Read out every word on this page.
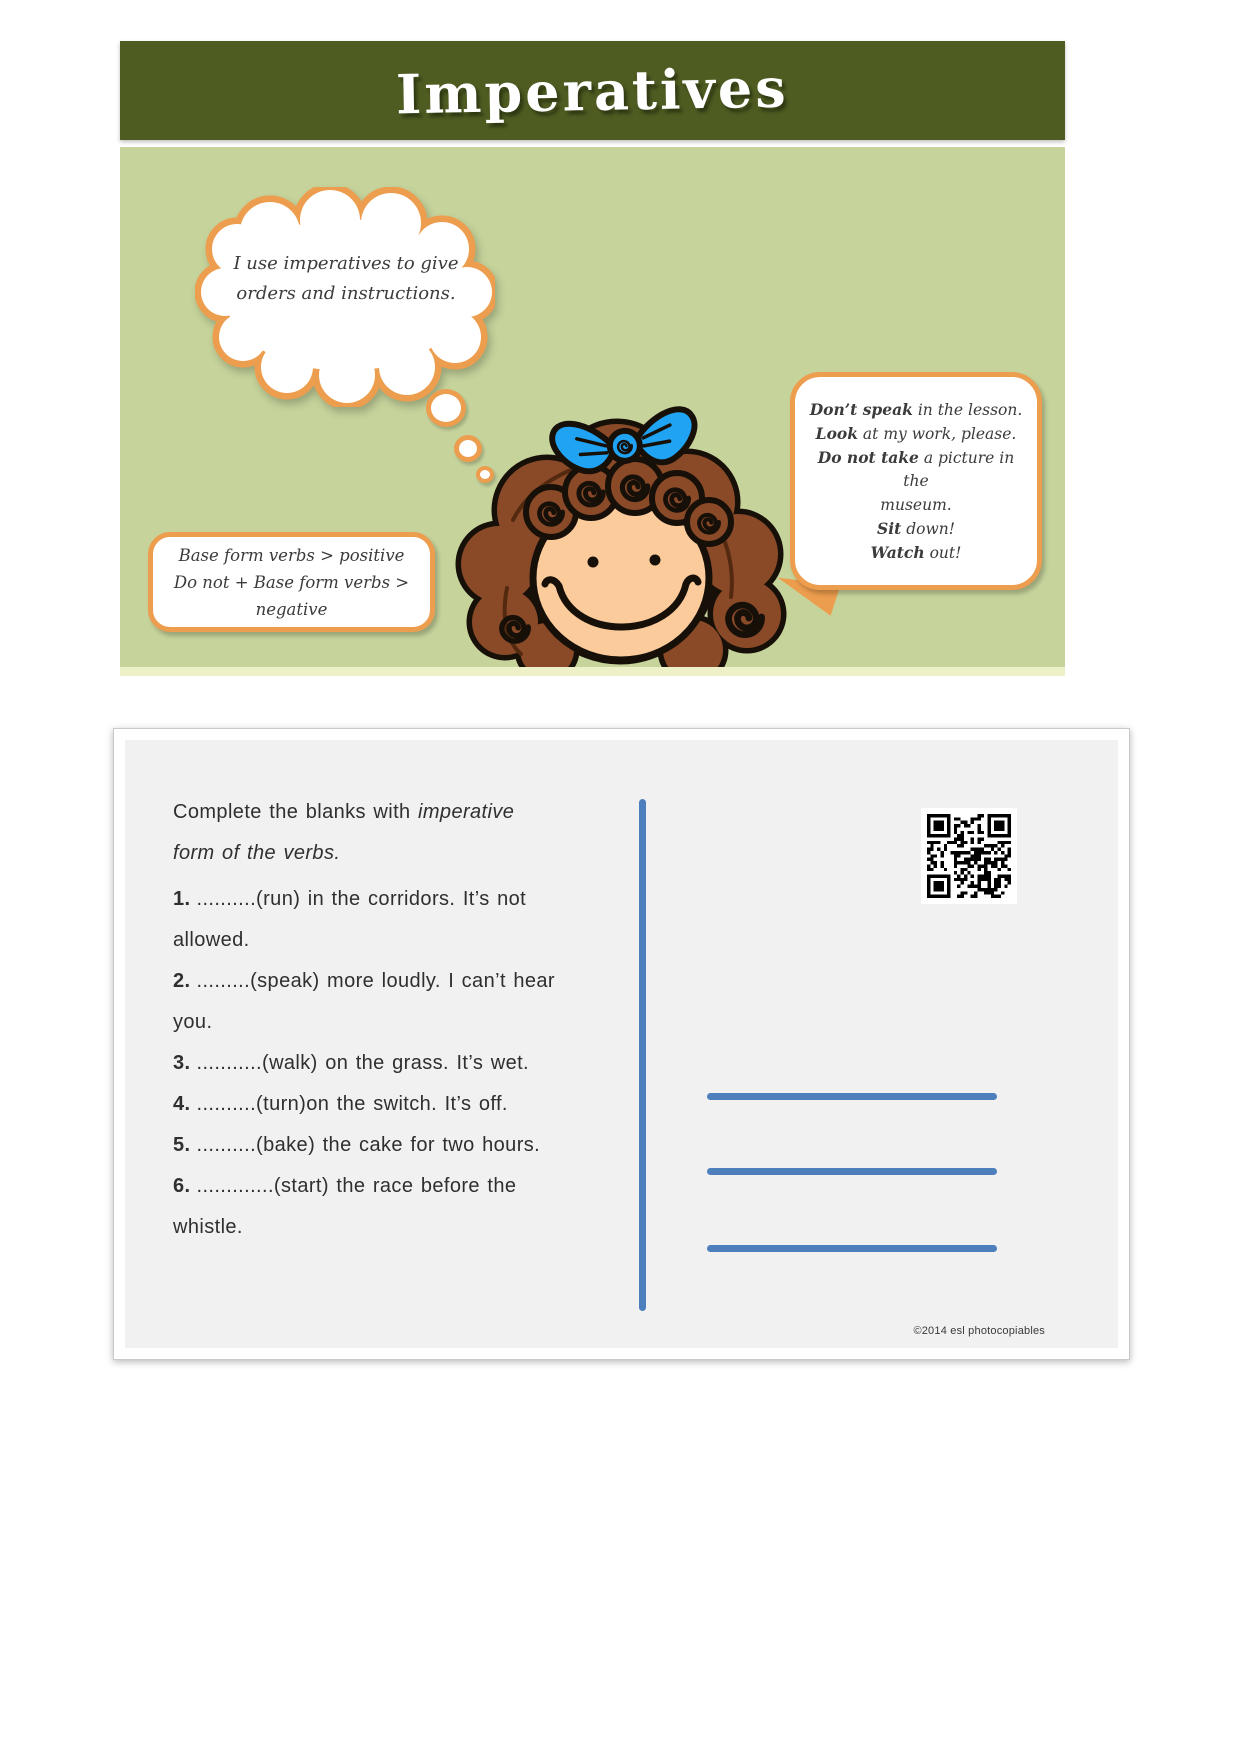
Imperatives
I use imperatives to give
orders and instructions.
Don’t speak in the lesson.
Look at my work, please.
Do not take a picture in the
museum.
Sit down!
Watch out!
Base form verbs > positive
Do not + Base form verbs > negative

Complete the blanks with imperative
form of the verbs.

1. ..........(run) in the corridors. It’s not
allowed.

2. .........(speak) more loudly. I can’t hear
you.

3. ...........(walk) on the grass. It’s wet.

4. ..........(turn)on the switch. It’s off.

5. ..........(bake) the cake for two hours.

6. .............(start) the race before the
whistle.

©2014 esl photocopiables
